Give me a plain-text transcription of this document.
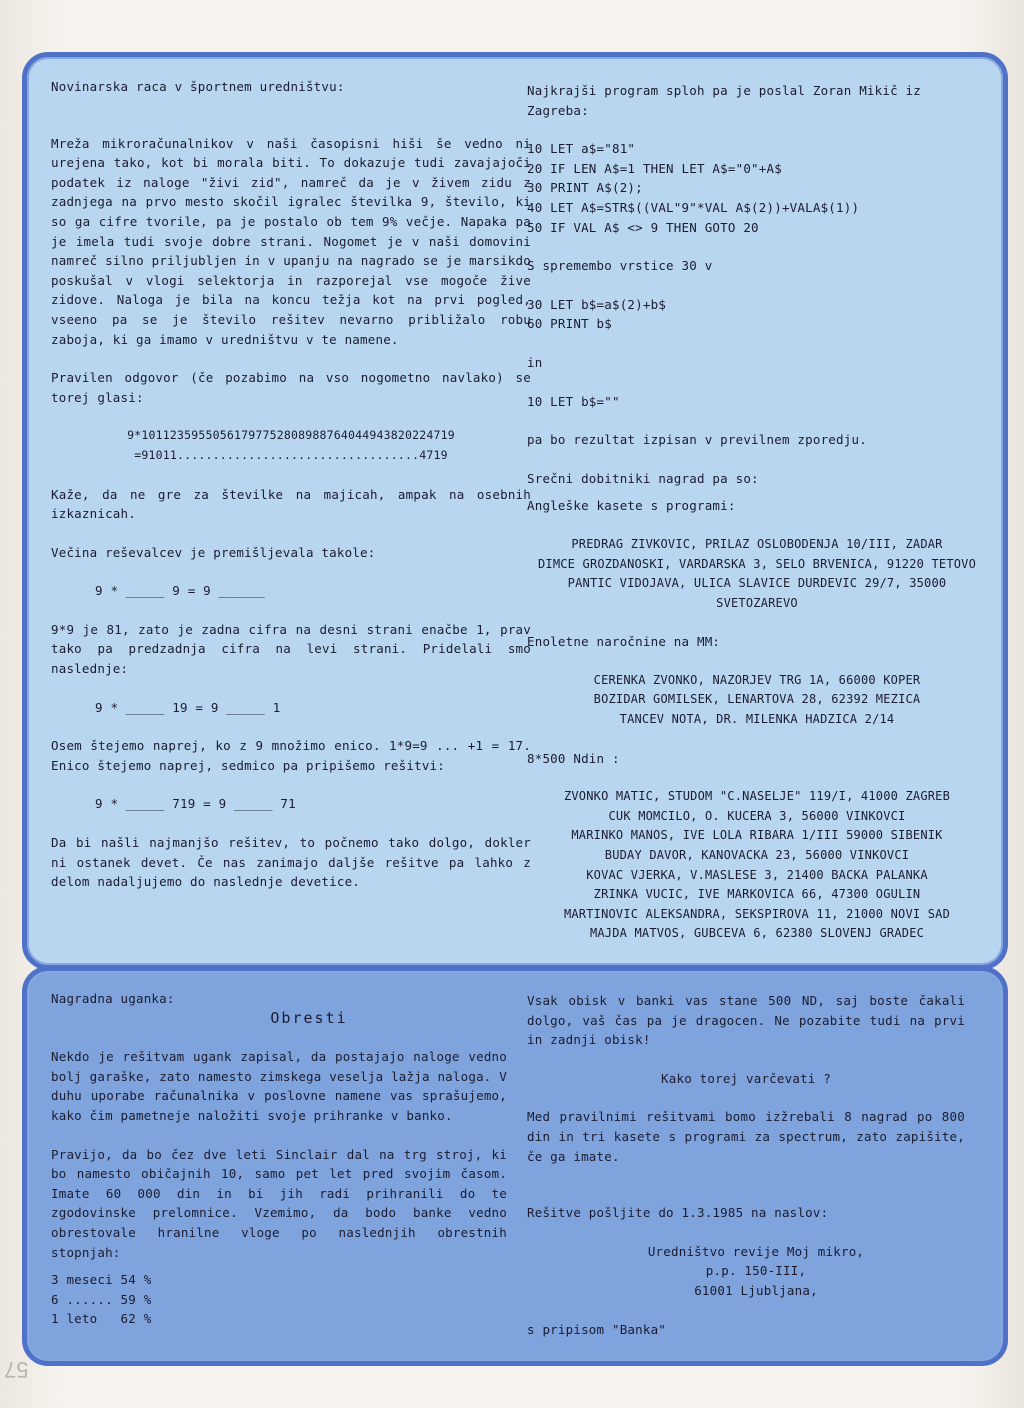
Novinarska raca v športnem uredništvu:

Mreža mikroračunalnikov v naši časopisni hiši še vedno ni urejena tako, kot bi morala biti. To dokazuje tudi zavajajoči podatek iz naloge "živi zid", namreč da je v živem zidu z zadnjega na prvo mesto skočil igralec številka 9, število, ki so ga cifre tvorile, pa je postalo ob tem 9% večje. Napaka pa je imela tudi svoje dobre strani. Nogomet je v naši domovini namreč silno priljubljen in v upanju na nagrado se je marsikdo poskušal v vlogi selektorja in razporejal vse mogoče žive zidove. Naloga je bila na koncu težja kot na prvi pogled, vseeno pa se je število rešitev nevarno približalo robu zaboja, ki ga imamo v uredništvu v te namene.

Pravilen odgovor (če pozabimo na vso nogometno navlako) se torej glasi:

9*10112359550561797752808988764044943820224719

=91011..................................4719

Kaže, da ne gre za številke na majicah, ampak na osebnih izkaznicah.

Večina reševalcev je premišljevala takole:

9 * _____ 9 = 9 ______

9*9 je 81, zato je zadna cifra na desni strani enačbe 1, prav tako pa predzadnja cifra na levi strani. Pridelali smo naslednje:

9 * _____ 19 = 9 _____ 1

Osem štejemo naprej, ko z 9 množimo enico. 1*9=9 ... +1 = 17. Enico štejemo naprej, sedmico pa pripišemo rešitvi:

9 * _____ 719 = 9 _____ 71

Da bi našli najmanjšo rešitev, to počnemo tako dolgo, dokler ni ostanek devet. Če nas zanimajo daljše rešitve pa lahko z delom nadaljujemo do naslednje devetice.

Najkrajši program sploh pa je poslal Zoran Mikič iz Zagreba:

10 LET a$="81"

20 IF LEN A$=1 THEN LET A$="0"+A$

30 PRINT A$(2);

40 LET A$=STR$((VAL"9"*VAL A$(2))+VALA$(1))

50 IF VAL A$ <> 9 THEN GOTO 20

S spremembo vrstice 30 v

30 LET b$=a$(2)+b$

60 PRINT b$

in

10 LET b$=""

pa bo rezultat izpisan v previlnem zporedju.

Srečni dobitniki nagrad pa so:

Angleške kasete s programi:

PREDRAG ZIVKOVIC, PRILAZ OSLOBODENJA 10/III, ZADAR

DIMCE GROZDANOSKI, VARDARSKA 3, SELO BRVENICA, 91220 TETOVO

PANTIC VIDOJAVA, ULICA SLAVICE DURDEVIC 29/7, 35000 SVETOZAREVO

Enoletne naročnine na MM:

CERENKA ZVONKO, NAZORJEV TRG 1A, 66000 KOPER

BOZIDAR GOMILSEK, LENARTOVA 28, 62392 MEZICA

TANCEV NOTA, DR. MILENKA HADZICA 2/14

8*500 Ndin :

ZVONKO MATIC, STUDOM "C.NASELJE" 119/I, 41000 ZAGREB

CUK MOMCILO, O. KUCERA 3, 56000 VINKOVCI

MARINKO MANOS, IVE LOLA RIBARA 1/III 59000 SIBENIK

BUDAY DAVOR, KANOVACKA 23, 56000 VINKOVCI

KOVAC VJERKA, V.MASLESE 3, 21400 BACKA PALANKA

ZRINKA VUCIC, IVE MARKOVICA 66, 47300 OGULIN

MARTINOVIC ALEKSANDRA, SEKSPIROVA 11, 21000 NOVI SAD

MAJDA MATVOS, GUBCEVA 6, 62380 SLOVENJ GRADEC

Nagradna uganka:

Obresti

Nekdo je rešitvam ugank zapisal, da postajajo naloge vedno bolj garaške, zato namesto zimskega veselja lažja naloga. V duhu uporabe računalnika v poslovne namene vas sprašujemo, kako čim pametneje naložiti svoje prihranke v banko.

Pravijo, da bo čez dve leti Sinclair dal na trg stroj, ki bo namesto običajnih 10, samo pet let pred svojim časom. Imate 60 000 din in bi jih radi prihranili do te zgodovinske prelomnice. Vzemimo, da bodo banke vedno obrestovale hranilne vloge po naslednjih obrestnih stopnjah:

3 meseci 54 %

6 ...... 59 %

1 leto   62 %

Vsak obisk v banki vas stane 500 ND, saj boste čakali dolgo, vaš čas pa je dragocen. Ne pozabite tudi na prvi in zadnji obisk!

Kako torej varčevati ?

Med pravilnimi rešitvami bomo izžrebali 8 nagrad po 800 din in tri kasete s programi za spectrum, zato zapišite, če ga imate.

Rešitve pošljite do 1.3.1985 na naslov:

Uredništvo revije Moj mikro,

p.p. 150-III,

61001 Ljubljana,

s pripisom "Banka"

57
